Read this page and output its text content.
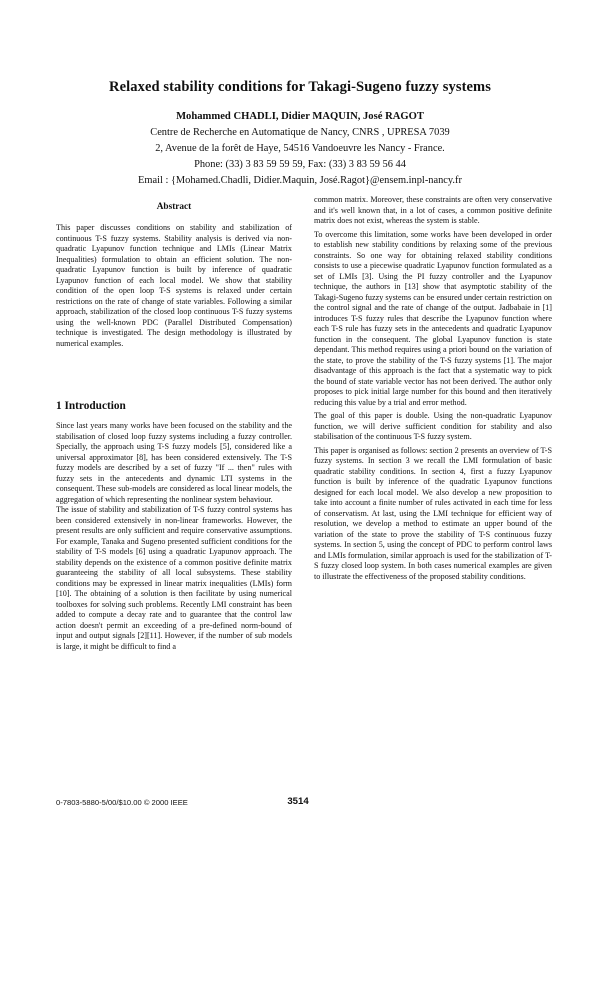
Relaxed stability conditions for Takagi-Sugeno fuzzy systems
Mohammed CHADLI, Didier MAQUIN, José RAGOT
Centre de Recherche en Automatique de Nancy, CNRS , UPRESA 7039
2, Avenue de la forêt de Haye, 54516 Vandoeuvre les Nancy - France.
Phone: (33) 3 83 59 59 59, Fax: (33) 3 83 59 56 44
Email : {Mohamed.Chadli, Didier.Maquin, José.Ragot}@ensem.inpl-nancy.fr
Abstract

This paper discusses conditions on stability and stabilization of continuous T-S fuzzy systems. Stability analysis is derived via non-quadratic Lyapunov function technique and LMIs (Linear Matrix Inequalities) formulation to obtain an efficient solution. The non-quadratic Lyapunov function is built by inference of quadratic Lyapunov function of each local model. We show that stability condition of the open loop T-S systems is relaxed under certain restrictions on the rate of change of state variables. Following a similar approach, stabilization of the closed loop continuous T-S fuzzy systems using the well-known PDC (Parallel Distributed Compensation) technique is investigated. The design methodology is illustrated by numerical examples.

1 Introduction

Since last years many works have been focused on the stability and the stabilisation of closed loop fuzzy systems including a fuzzy controller. Specially, the approach using T-S fuzzy models [5], considered like a universal approximator [8], has been considered extensively. The T-S fuzzy models are described by a set of fuzzy "If ... then" rules with fuzzy sets in the antecedents and dynamic LTI systems in the consequent. These sub-models are considered as local linear models, the aggregation of which representing the nonlinear system behaviour.

The issue of stability and stabilization of T-S fuzzy control systems has been considered extensively in non-linear frameworks. However, the present results are only sufficient and require conservative assumptions. For example, Tanaka and Sugeno presented sufficient conditions for the stability of T-S models [6] using a quadratic Lyapunov approach. The stability depends on the existence of a common positive definite matrix guaranteeing the stability of all local subsystems. These stability conditions may be expressed in linear matrix inequalities (LMIs) form [10]. The obtaining of a solution is then facilitate by using numerical toolboxes for solving such problems. Recently LMI constraint has been added to compute a decay rate and to guarantee that the control law action doesn't permit an exceeding of a pre-defined norm-bound of input and output signals [2][11]. However, if the number of sub models is large, it might be difficult to find a

common matrix. Moreover, these constraints are often very conservative and it's well known that, in a lot of cases, a common positive definite matrix does not exist, whereas the system is stable.

To overcome this limitation, some works have been developed in order to establish new stability conditions by relaxing some of the previous constraints. So one way for obtaining relaxed stability conditions consists to use a piecewise quadratic Lyapunov function formulated as a set of LMIs [3]. Using the PI fuzzy controller and the Lyapunov technique, the authors in [13] show that asymptotic stability of the Takagi-Sugeno fuzzy systems can be ensured under certain restriction on the control signal and the rate of change of the output. Jadbabaie in [1] introduces T-S fuzzy rules that describe the Lyapunov function where each T-S rule has fuzzy sets in the antecedents and quadratic Lyapunov function in the consequent. The global Lyapunov function is state dependant. This method requires using a priori bound on the variation of the state, to prove the stability of the T-S fuzzy systems [1]. The major disadvantage of this approach is the fact that a systematic way to pick the bound of state variable vector has not been derived. The author only proposes to pick initial large number for this bound and then iteratively reducing this value by a trial and error method.

The goal of this paper is double. Using the non-quadratic Lyapunov function, we will derive sufficient condition for stability and also stabilisation of the continuous T-S fuzzy system.

This paper is organised as follows: section 2 presents an overview of T-S fuzzy systems. In section 3 we recall the LMI formulation of basic quadratic stability conditions. In section 4, first a fuzzy Lyapunov function is built by inference of the quadratic Lyapunov functions designed for each local model. We also develop a new proposition to take into account a finite number of rules activated in each time for less of conservatism. At last, using the LMI technique for efficient way of resolution, we develop a method to estimate an upper bound of the variation of the state to prove the stability of T-S continuous fuzzy systems. In section 5, using the concept of PDC to perform control laws and LMIs formulation, similar approach is used for the stabilization of T-S fuzzy closed loop system. In both cases numerical examples are given to illustrate the effectiveness of the proposed stability conditions.

0-7803-5880-5/00/$10.00 © 2000 IEEE	3514
